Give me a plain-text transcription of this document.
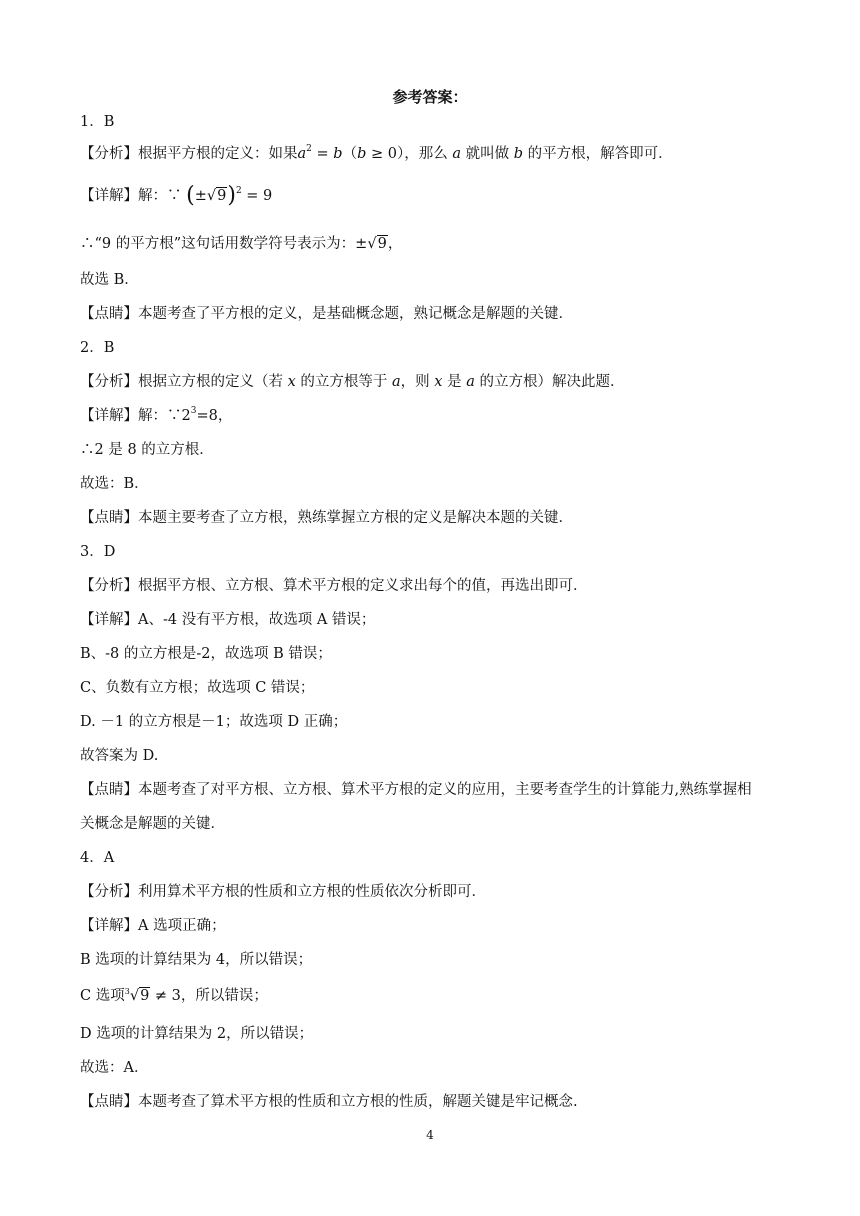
参考答案：
1．B
【分析】根据平方根的定义：如果$a^2 = b(b \ge 0)$，那么 a 就叫做 b 的平方根，解答即可．
【详解】解：∵ $(\pm√9)^2 = 9$
∴“9 的平方根”这句话用数学符号表示为：±√9，
故选 B．
【点睛】本题考查了平方根的定义，是基础概念题，熟记概念是解题的关键．
2．B
【分析】根据立方根的定义（若 x 的立方根等于 a，则 x 是 a 的立方根）解决此题．
【详解】解：$\because 2^3=8$，
∴2 是 8 的立方根．
故选：B．
【点睛】本题主要考查了立方根，熟练掌握立方根的定义是解决本题的关键．
3．D
【分析】根据平方根、立方根、算术平方根的定义求出每个的值，再选出即可．
【详解】A、-4 没有平方根，故选项 A 错误；
B、-8 的立方根是-2，故选项 B 错误；
C、负数有立方根；故选项 C 错误；
D. －1 的立方根是－1；故选项 D 正确；
故答案为 D.
【点睛】本题考查了对平方根、立方根、算术平方根的定义的应用，主要考查学生的计算能力,熟练掌握相
关概念是解题的关键．
4．A
【分析】利用算术平方根的性质和立方根的性质依次分析即可．
【详解】A 选项正确；
B 选项的计算结果为 4，所以错误；
C 选项$^3$√9 ≠ 3，所以错误；
D 选项的计算结果为 2，所以错误；
故选：A．
【点睛】本题考查了算术平方根的性质和立方根的性质，解题关键是牢记概念.
4
